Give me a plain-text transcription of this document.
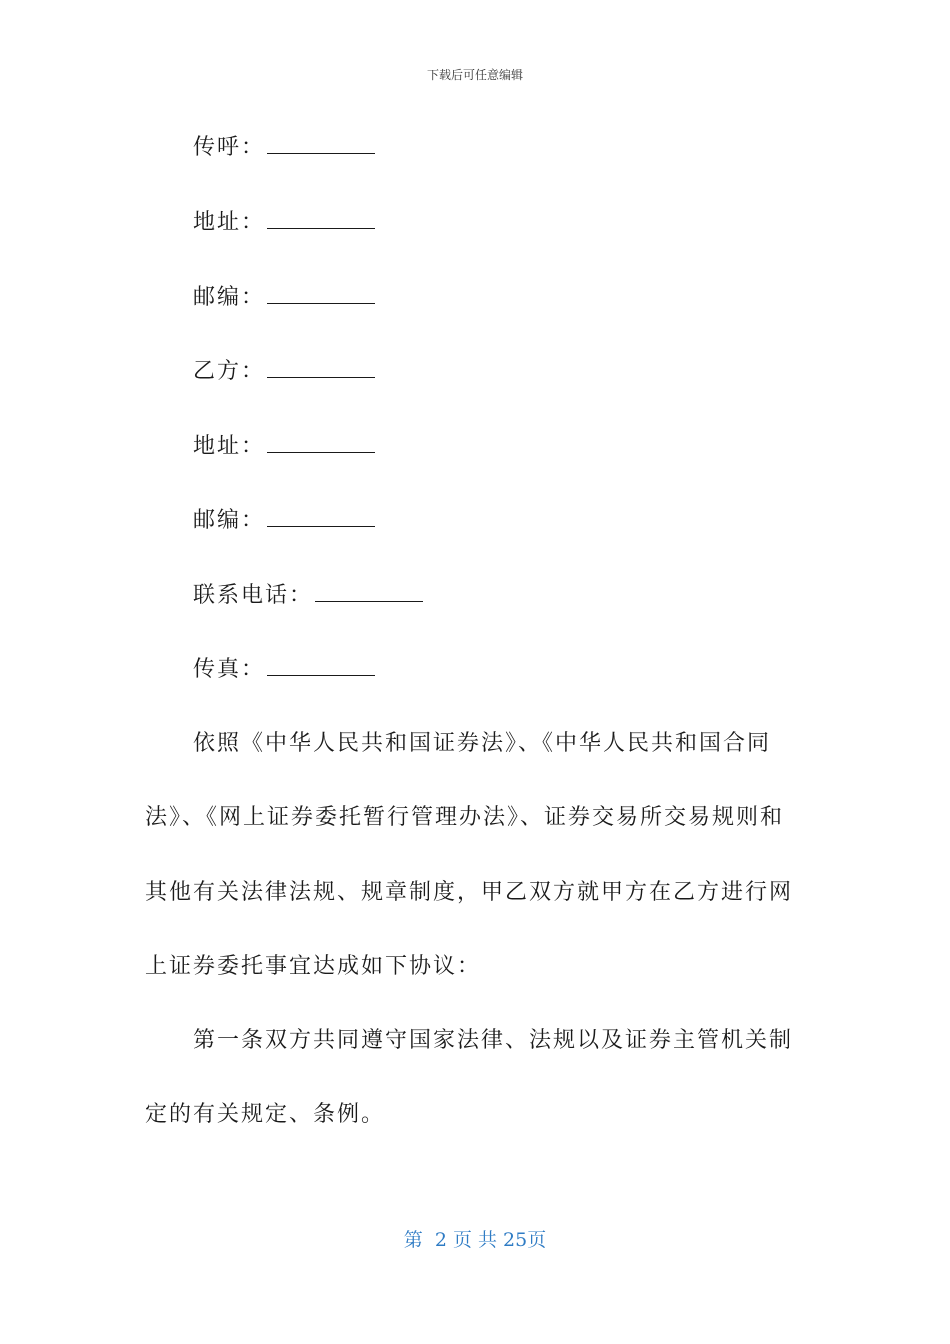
下载后可任意编辑
传呼：
地址：
邮编：
乙方：
地址：
邮编：
联系电话：
传真：

依照《中华人民共和国证券法》、《中华人民共和国合同法》、《网上证券委托暂行管理办法》、证券交易所交易规则和其他有关法律法规、规章制度，甲乙双方就甲方在乙方进行网上证券委托事宜达成如下协议：

第一条双方共同遵守国家法律、法规以及证券主管机关制定的有关规定、条例。

第  2 页 共 25页
